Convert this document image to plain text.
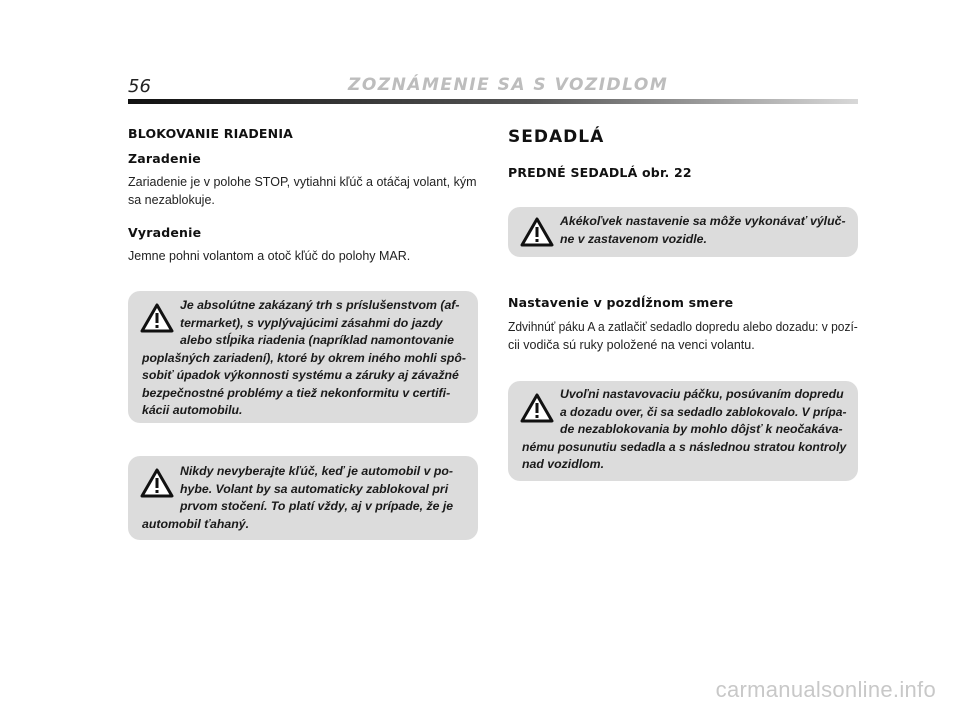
56	ZOZNÁMENIE SA S VOZIDLOM
BLOKOVANIE RIADENIA
Zaradenie
Zariadenie je v polohe STOP, vytiahni kľúč a otáčaj volant, kým
sa nezablokuje.
Vyradenie
Jemne pohni volantom a otoč kľúč do polohy MAR.
Je absolútne zakázaný trh s príslušenstvom (af-
termarket), s vyplývajúcimi zásahmi do jazdy
alebo stĺpika riadenia (napríklad namontovanie
poplašných zariadení), ktoré by okrem iného mohli spô-
sobiť úpadok výkonnosti systému a záruky aj závažné
bezpečnostné problémy a tiež nekonformitu v certifi-
kácii automobilu.
Nikdy nevyberajte kľúč, keď je automobil v po-
hybe. Volant by sa automaticky zablokoval pri
prvom stočení. To platí vždy, aj v prípade, že je
automobil ťahaný.
SEDADLÁ
PREDNÉ SEDADLÁ obr. 22
Akékoľvek nastavenie sa môže vykonávať výluč-
ne v zastavenom vozidle.
Nastavenie v pozdĺžnom smere
Zdvihnúť páku A a zatlačiť sedadlo dopredu alebo dozadu: v pozí-
cii vodiča sú ruky položené na venci volantu.
Uvoľni nastavovaciu páčku, posúvaním dopredu
a dozadu over, či sa sedadlo zablokovalo. V prípa-
de nezablokovania by mohlo dôjsť k neočakáva-
nému posunutiu sedadla a s následnou stratou kontroly
nad vozidlom.
carmanualsonline.info
